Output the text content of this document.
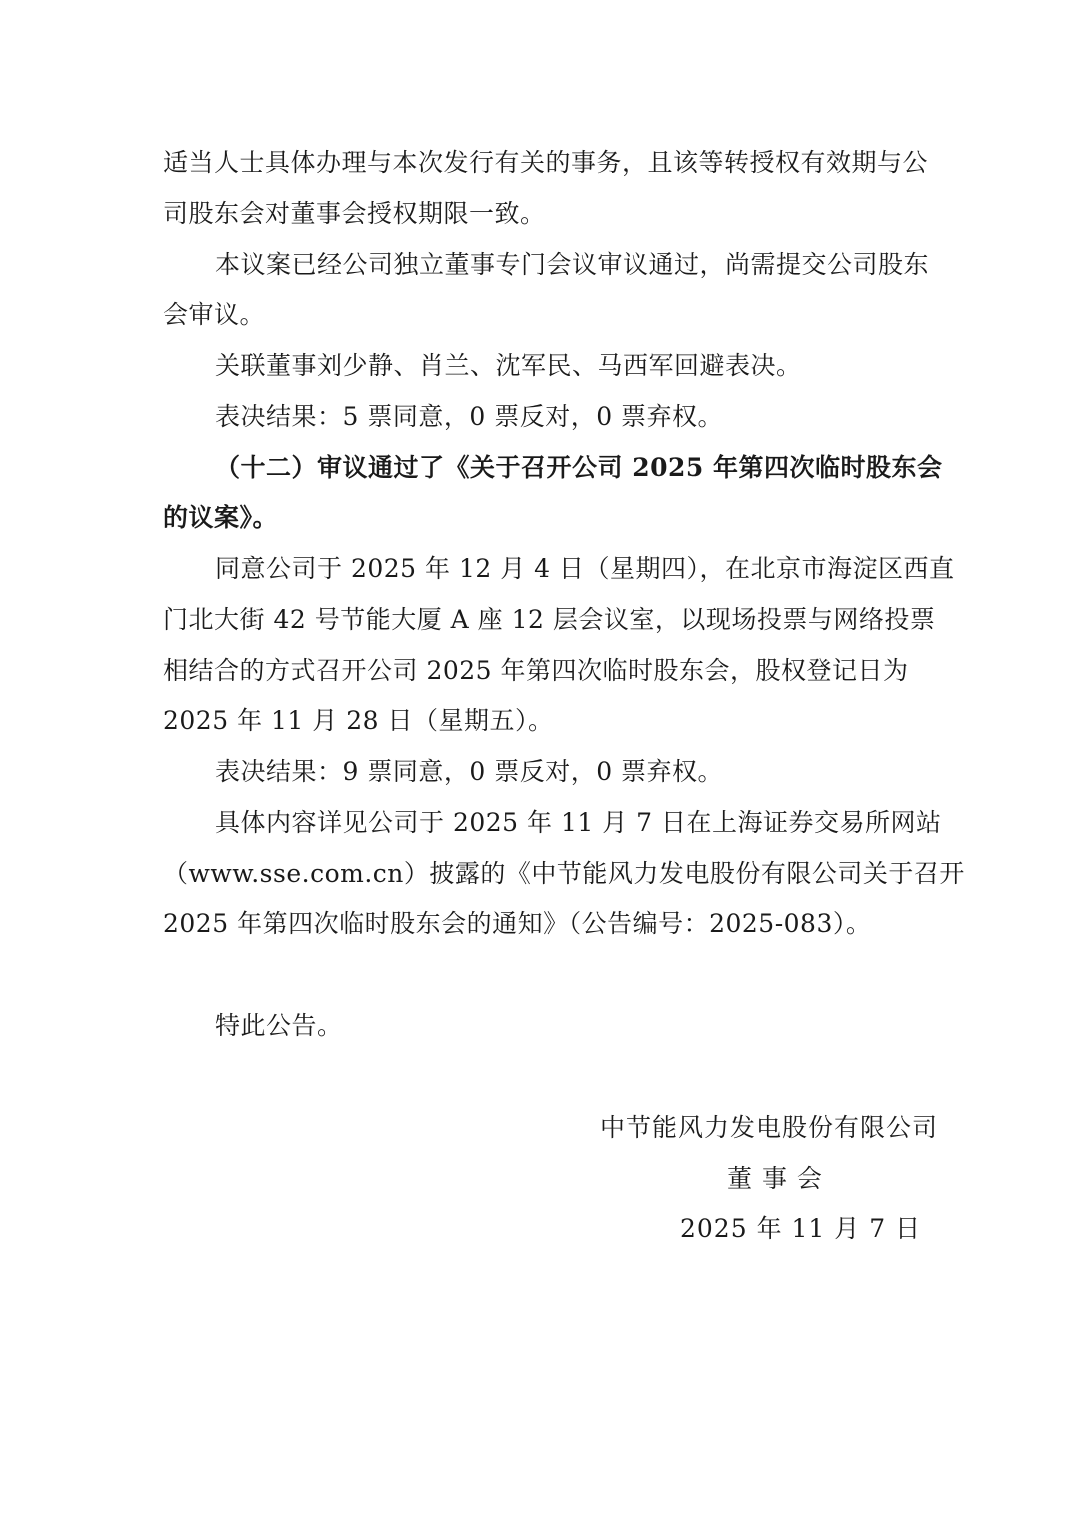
适当人士具体办理与本次发行有关的事务，且该等转授权有效期与公
司股东会对董事会授权期限一致。
本议案已经公司独立董事专门会议审议通过，尚需提交公司股东
会审议。
关联董事刘少静、肖兰、沈军民、马西军回避表决。
表决结果：5 票同意，0 票反对，0 票弃权。
（十二）审议通过了《关于召开公司 2025 年第四次临时股东会
的议案》。
同意公司于 2025 年 12 月 4 日（星期四），在北京市海淀区西直
门北大街 42 号节能大厦 A 座 12 层会议室，以现场投票与网络投票
相结合的方式召开公司 2025 年第四次临时股东会，股权登记日为
2025 年 11 月 28 日（星期五）。
表决结果：9 票同意，0 票反对，0 票弃权。
具体内容详见公司于 2025 年 11 月 7 日在上海证券交易所网站
（www.sse.com.cn）披露的《中节能风力发电股份有限公司关于召开
2025 年第四次临时股东会的通知》（公告编号：2025-083）。
特此公告。
中节能风力发电股份有限公司
董 事 会
2025 年 11 月 7 日
